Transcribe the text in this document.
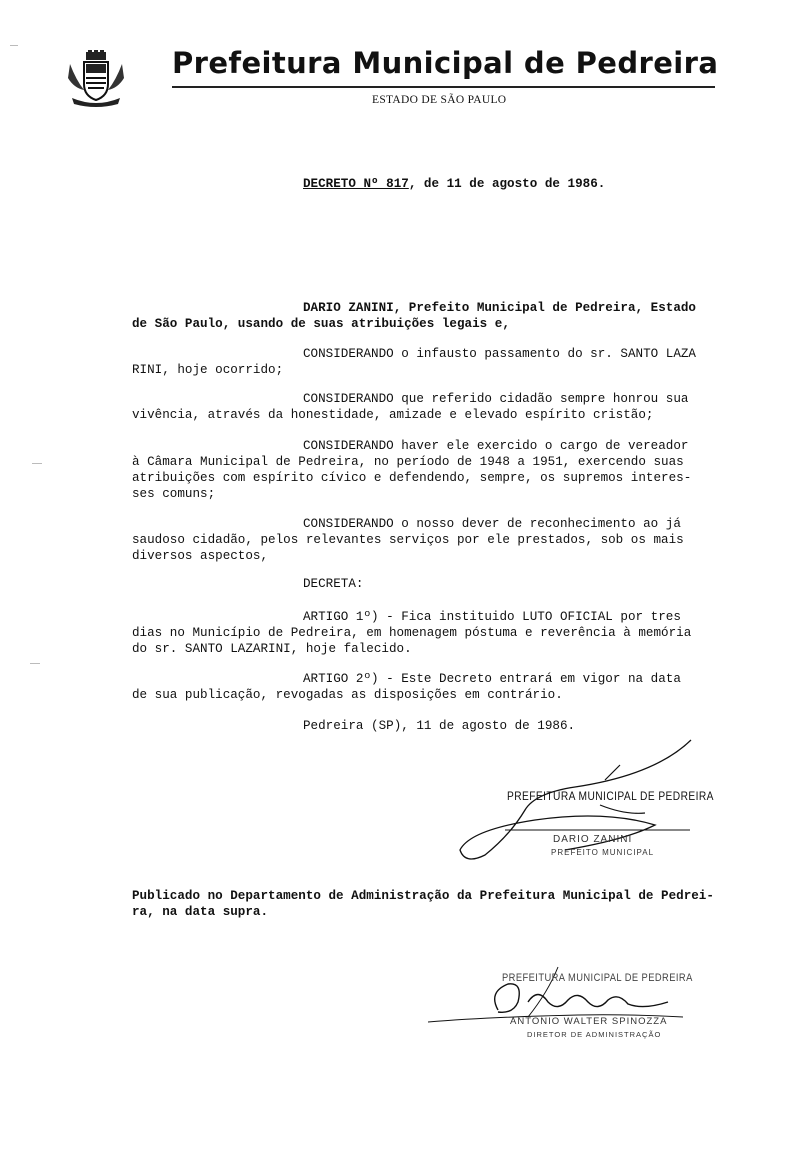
Prefeitura Municipal de Pedreira
ESTADO DE SÃO PAULO
DECRETO Nº 817, de 11 de agosto de 1986.
DARIO ZANINI, Prefeito Municipal de Pedreira, Estado
de São Paulo, usando de suas atribuições legais e,
CONSIDERANDO o infausto passamento do sr. SANTO LAZA
RINI, hoje ocorrido;
CONSIDERANDO que referido cidadão sempre honrou sua
vivência, através da honestidade, amizade e elevado espírito cristão;
CONSIDERANDO haver ele exercido o cargo de vereador
à Câmara Municipal de Pedreira, no período de 1948 a 1951, exercendo suas
atribuições com espírito cívico e defendendo, sempre, os supremos interes-
ses comuns;
CONSIDERANDO o nosso dever de reconhecimento ao já
saudoso cidadão, pelos relevantes serviços por ele prestados, sob os mais
diversos aspectos,
DECRETA:
ARTIGO 1º) - Fica instituido LUTO OFICIAL por tres
dias no Município de Pedreira, em homenagem póstuma e reverência à memória
do sr. SANTO LAZARINI, hoje falecido.
ARTIGO 2º) - Este Decreto entrará em vigor na data
de sua publicação, revogadas as disposições em contrário.
Pedreira (SP), 11 de agosto de 1986.
PREFEITURA MUNICIPAL DE PEDREIRA
DARIO ZANINI
PREFEITO MUNICIPAL
Publicado no Departamento de Administração da Prefeitura Municipal de Pedrei-
ra, na data supra.
PREFEITURA MUNICIPAL DE PEDREIRA
ANTONIO WALTER SPINOZZA
DIRETOR DE ADMINISTRAÇÃO
